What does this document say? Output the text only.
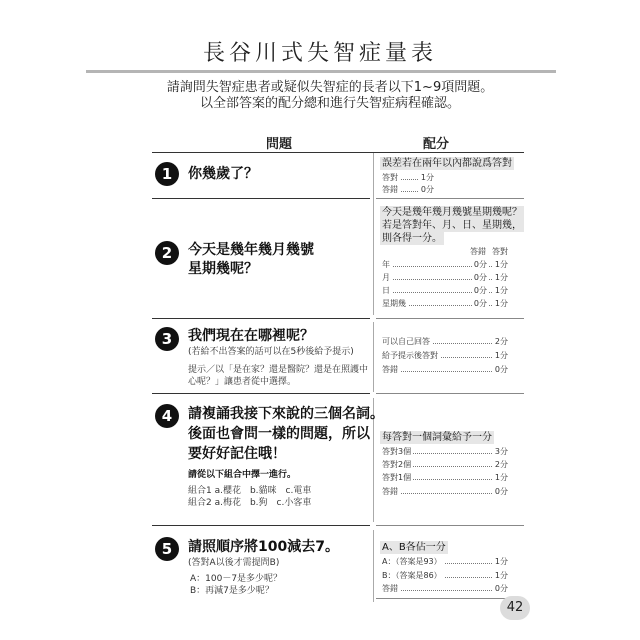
長谷川式失智症量表
請詢問失智症患者或疑似失智症的長者以下1~9項問題。
以全部答案的配分總和進行失智症病程確認。
問題	配分
1	你幾歲了？
誤差若在兩年以內都說爲答對
答對	1分
答錯	0分
2	今天是幾年幾月幾號
星期幾呢？
今天是幾年幾月幾號星期幾呢？
若是答對年、月、日、星期幾，
則各得一分。
答錯 答對
年	0分 1分
月	0分 1分
日	0分 1分
星期幾	0分 1分
3	我們現在在哪裡呢？
(若給不出答案的話可以在5秒後給予提示)
提示／以「是在家？還是醫院？還是在照護中
心呢？」讓患者從中選擇。
可以自己回答	2分
給予提示後答對	1分
答錯	0分
4	請複誦我接下來說的三個名詞。
後面也會問一樣的問題，所以
要好好記住哦！
請從以下組合中擇一進行。
組合1 a.櫻花　b.貓咪　c.電車
組合2 a.梅花　b.狗　c.小客車
每答對一個詞彙給予一分
答對3個	3分
答對2個	2分
答對1個	1分
答錯	0分
5	請照順序將100減去7。
(答對A以後才需提問B)
A：100－7是多少呢？
B：再減7是多少呢？
A、B各佔一分
A：（答案是93）	1分
B：（答案是86）	1分
答錯	0分
42
